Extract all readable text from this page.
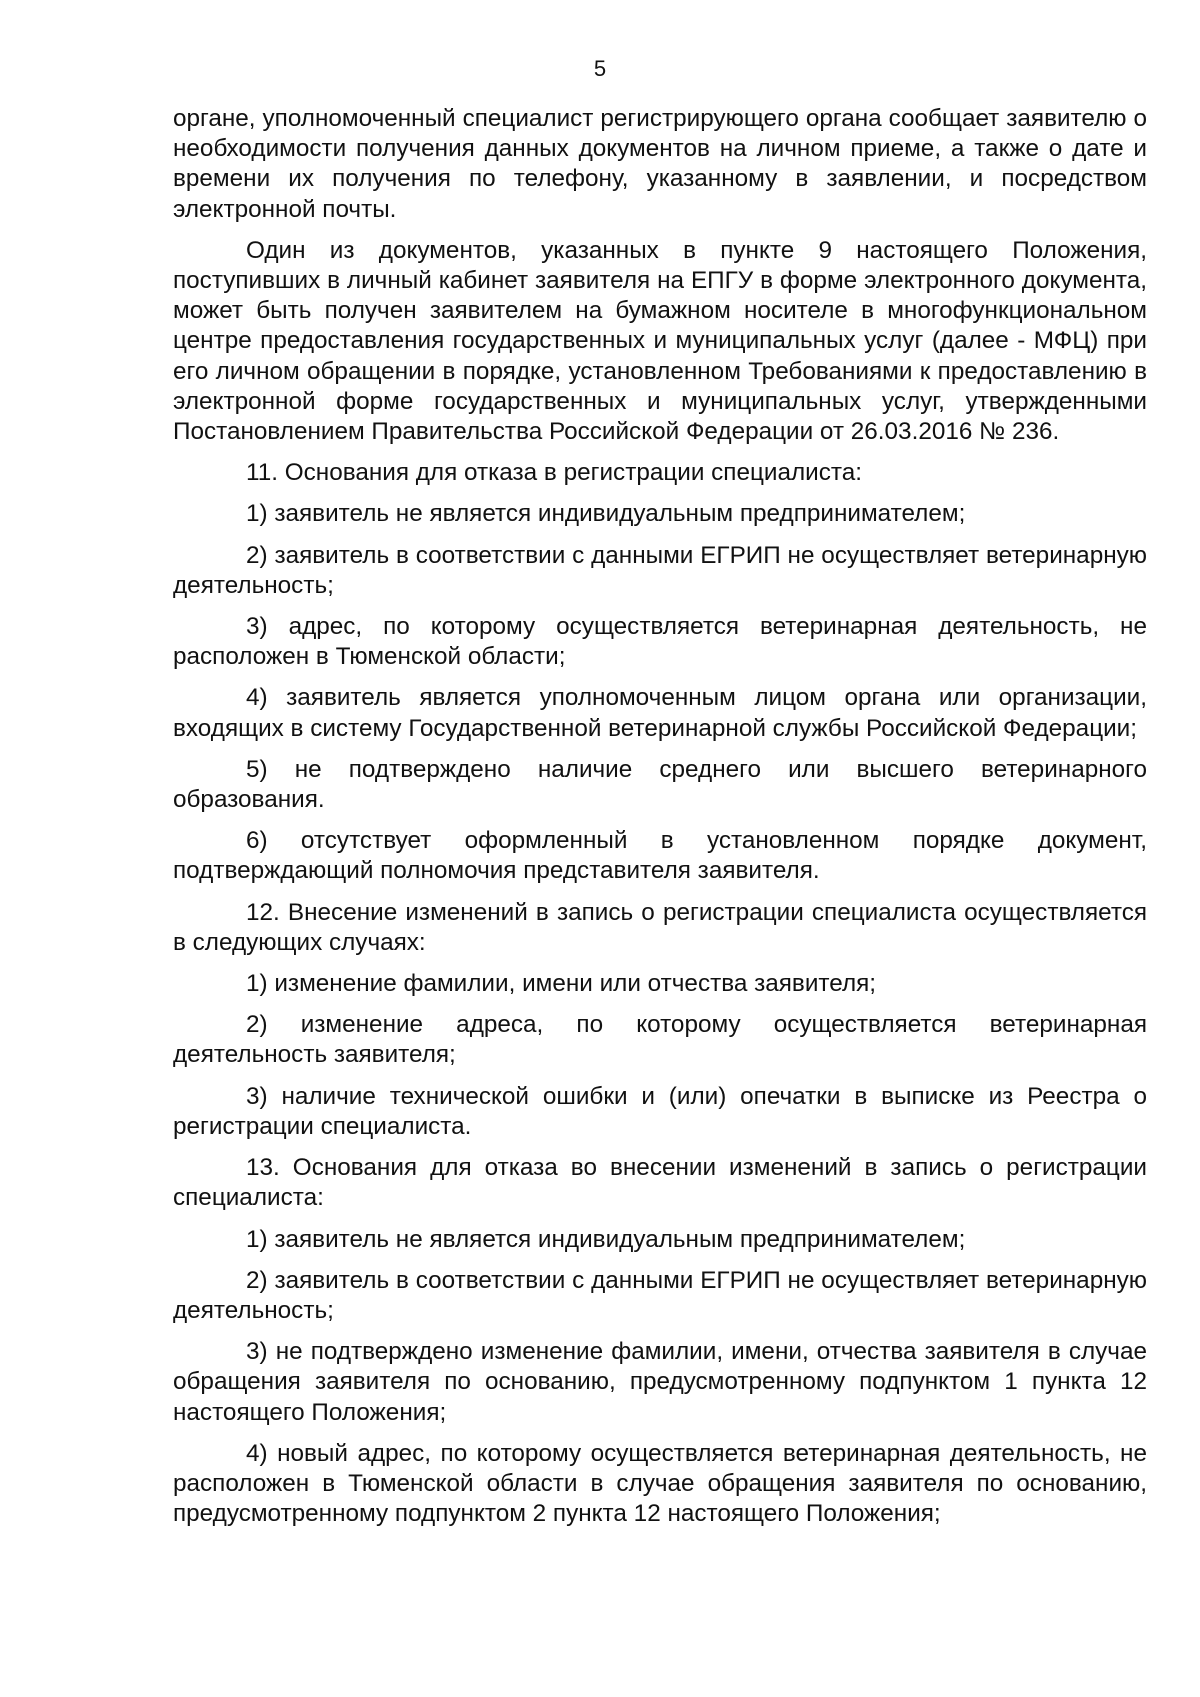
5

органе, уполномоченный специалист регистрирующего органа сообщает заявителю о необходимости получения данных документов на личном приеме, а также о дате и времени их получения по телефону, указанному в заявлении, и посредством электронной почты.

Один из документов, указанных в пункте 9 настоящего Положения, поступивших в личный кабинет заявителя на ЕПГУ в форме электронного документа, может быть получен заявителем на бумажном носителе в многофункциональном центре предоставления государственных и муниципальных услуг (далее - МФЦ) при его личном обращении в порядке, установленном Требованиями к предоставлению в электронной форме государственных и муниципальных услуг, утвержденными Постановлением Правительства Российской Федерации от 26.03.2016 № 236.

11. Основания для отказа в регистрации специалиста:

1) заявитель не является индивидуальным предпринимателем;

2) заявитель в соответствии с данными ЕГРИП не осуществляет ветеринарную деятельность;

3) адрес, по которому осуществляется ветеринарная деятельность, не расположен в Тюменской области;

4) заявитель является уполномоченным лицом органа или организации, входящих в систему Государственной ветеринарной службы Российской Федерации;

5) не подтверждено наличие среднего или высшего ветеринарного образования.

6) отсутствует оформленный в установленном порядке документ, подтверждающий полномочия представителя заявителя.

12. Внесение изменений в запись о регистрации специалиста осуществляется в следующих случаях:

1) изменение фамилии, имени или отчества заявителя;

2) изменение адреса, по которому осуществляется ветеринарная деятельность заявителя;

3) наличие технической ошибки и (или) опечатки в выписке из Реестра о регистрации специалиста.

13. Основания для отказа во внесении изменений в запись о регистрации специалиста:

1) заявитель не является индивидуальным предпринимателем;

2) заявитель в соответствии с данными ЕГРИП не осуществляет ветеринарную деятельность;

3) не подтверждено изменение фамилии, имени, отчества заявителя в случае обращения заявителя по основанию, предусмотренному подпунктом 1 пункта 12 настоящего Положения;

4) новый адрес, по которому осуществляется ветеринарная деятельность, не расположен в Тюменской области в случае обращения заявителя по основанию, предусмотренному подпунктом 2 пункта 12 настоящего Положения;
